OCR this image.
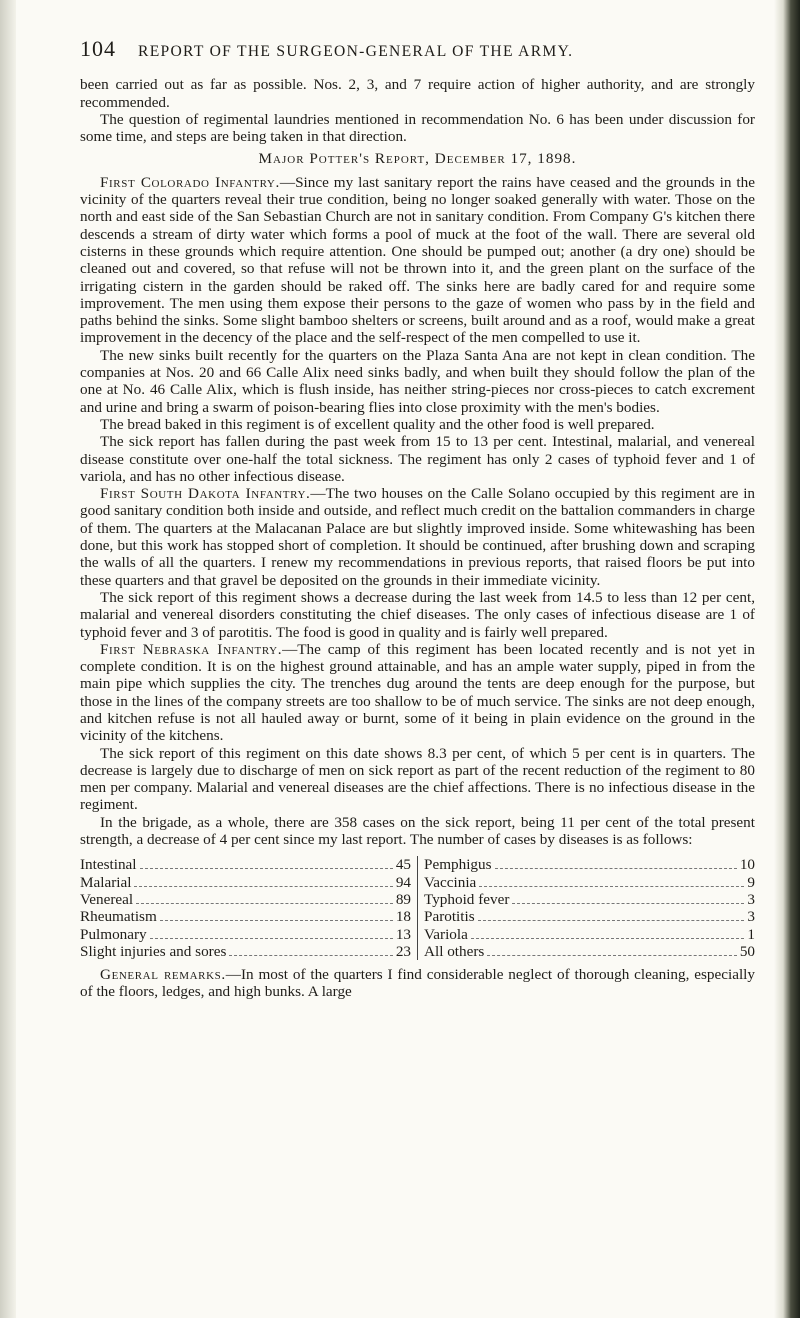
104 REPORT OF THE SURGEON-GENERAL OF THE ARMY.

been carried out as far as possible. Nos. 2, 3, and 7 require action of higher authority, and are strongly recommended.

The question of regimental laundries mentioned in recommendation No. 6 has been under discussion for some time, and steps are being taken in that direction.

Major Potter's Report, December 17, 1898.

First Colorado Infantry.—Since my last sanitary report the rains have ceased and the grounds in the vicinity of the quarters reveal their true condition, being no longer soaked generally with water. Those on the north and east side of the San Sebastian Church are not in sanitary condition. From Company G's kitchen there descends a stream of dirty water which forms a pool of muck at the foot of the wall. There are several old cisterns in these grounds which require attention. One should be pumped out; another (a dry one) should be cleaned out and covered, so that refuse will not be thrown into it, and the green plant on the surface of the irrigating cistern in the garden should be raked off. The sinks here are badly cared for and require some improvement. The men using them expose their persons to the gaze of women who pass by in the field and paths behind the sinks. Some slight bamboo shelters or screens, built around and as a roof, would make a great improvement in the decency of the place and the self-respect of the men compelled to use it.

The new sinks built recently for the quarters on the Plaza Santa Ana are not kept in clean condition. The companies at Nos. 20 and 66 Calle Alix need sinks badly, and when built they should follow the plan of the one at No. 46 Calle Alix, which is flush inside, has neither string-pieces nor cross-pieces to catch excrement and urine and bring a swarm of poison-bearing flies into close proximity with the men's bodies.

The bread baked in this regiment is of excellent quality and the other food is well prepared.

The sick report has fallen during the past week from 15 to 13 per cent. Intestinal, malarial, and venereal disease constitute over one-half the total sickness. The regiment has only 2 cases of typhoid fever and 1 of variola, and has no other infectious disease.

First South Dakota Infantry.—The two houses on the Calle Solano occupied by this regiment are in good sanitary condition both inside and outside, and reflect much credit on the battalion commanders in charge of them. The quarters at the Malacanan Palace are but slightly improved inside. Some whitewashing has been done, but this work has stopped short of completion. It should be continued, after brushing down and scraping the walls of all the quarters. I renew my recommendations in previous reports, that raised floors be put into these quarters and that gravel be deposited on the grounds in their immediate vicinity.

The sick report of this regiment shows a decrease during the last week from 14.5 to less than 12 per cent, malarial and venereal disorders constituting the chief diseases. The only cases of infectious disease are 1 of typhoid fever and 3 of parotitis. The food is good in quality and is fairly well prepared.

First Nebraska Infantry.—The camp of this regiment has been located recently and is not yet in complete condition. It is on the highest ground attainable, and has an ample water supply, piped in from the main pipe which supplies the city. The trenches dug around the tents are deep enough for the purpose, but those in the lines of the company streets are too shallow to be of much service. The sinks are not deep enough, and kitchen refuse is not all hauled away or burnt, some of it being in plain evidence on the ground in the vicinity of the kitchens.

The sick report of this regiment on this date shows 8.3 per cent, of which 5 per cent is in quarters. The decrease is largely due to discharge of men on sick report as part of the recent reduction of the regiment to 80 men per company. Malarial and venereal diseases are the chief affections. There is no infectious disease in the regiment.

In the brigade, as a whole, there are 358 cases on the sick report, being 11 per cent of the total present strength, a decrease of 4 per cent since my last report. The number of cases by diseases is as follows:

Intestinal	45
Malarial	94
Venereal	89
Rheumatism	18
Pulmonary	13
Slight injuries and sores	23
Pemphigus	10
Vaccinia	9
Typhoid fever	3
Parotitis	3
Variola	1
All others	50

General remarks.—In most of the quarters I find considerable neglect of thorough cleaning, especially of the floors, ledges, and high bunks. A large
